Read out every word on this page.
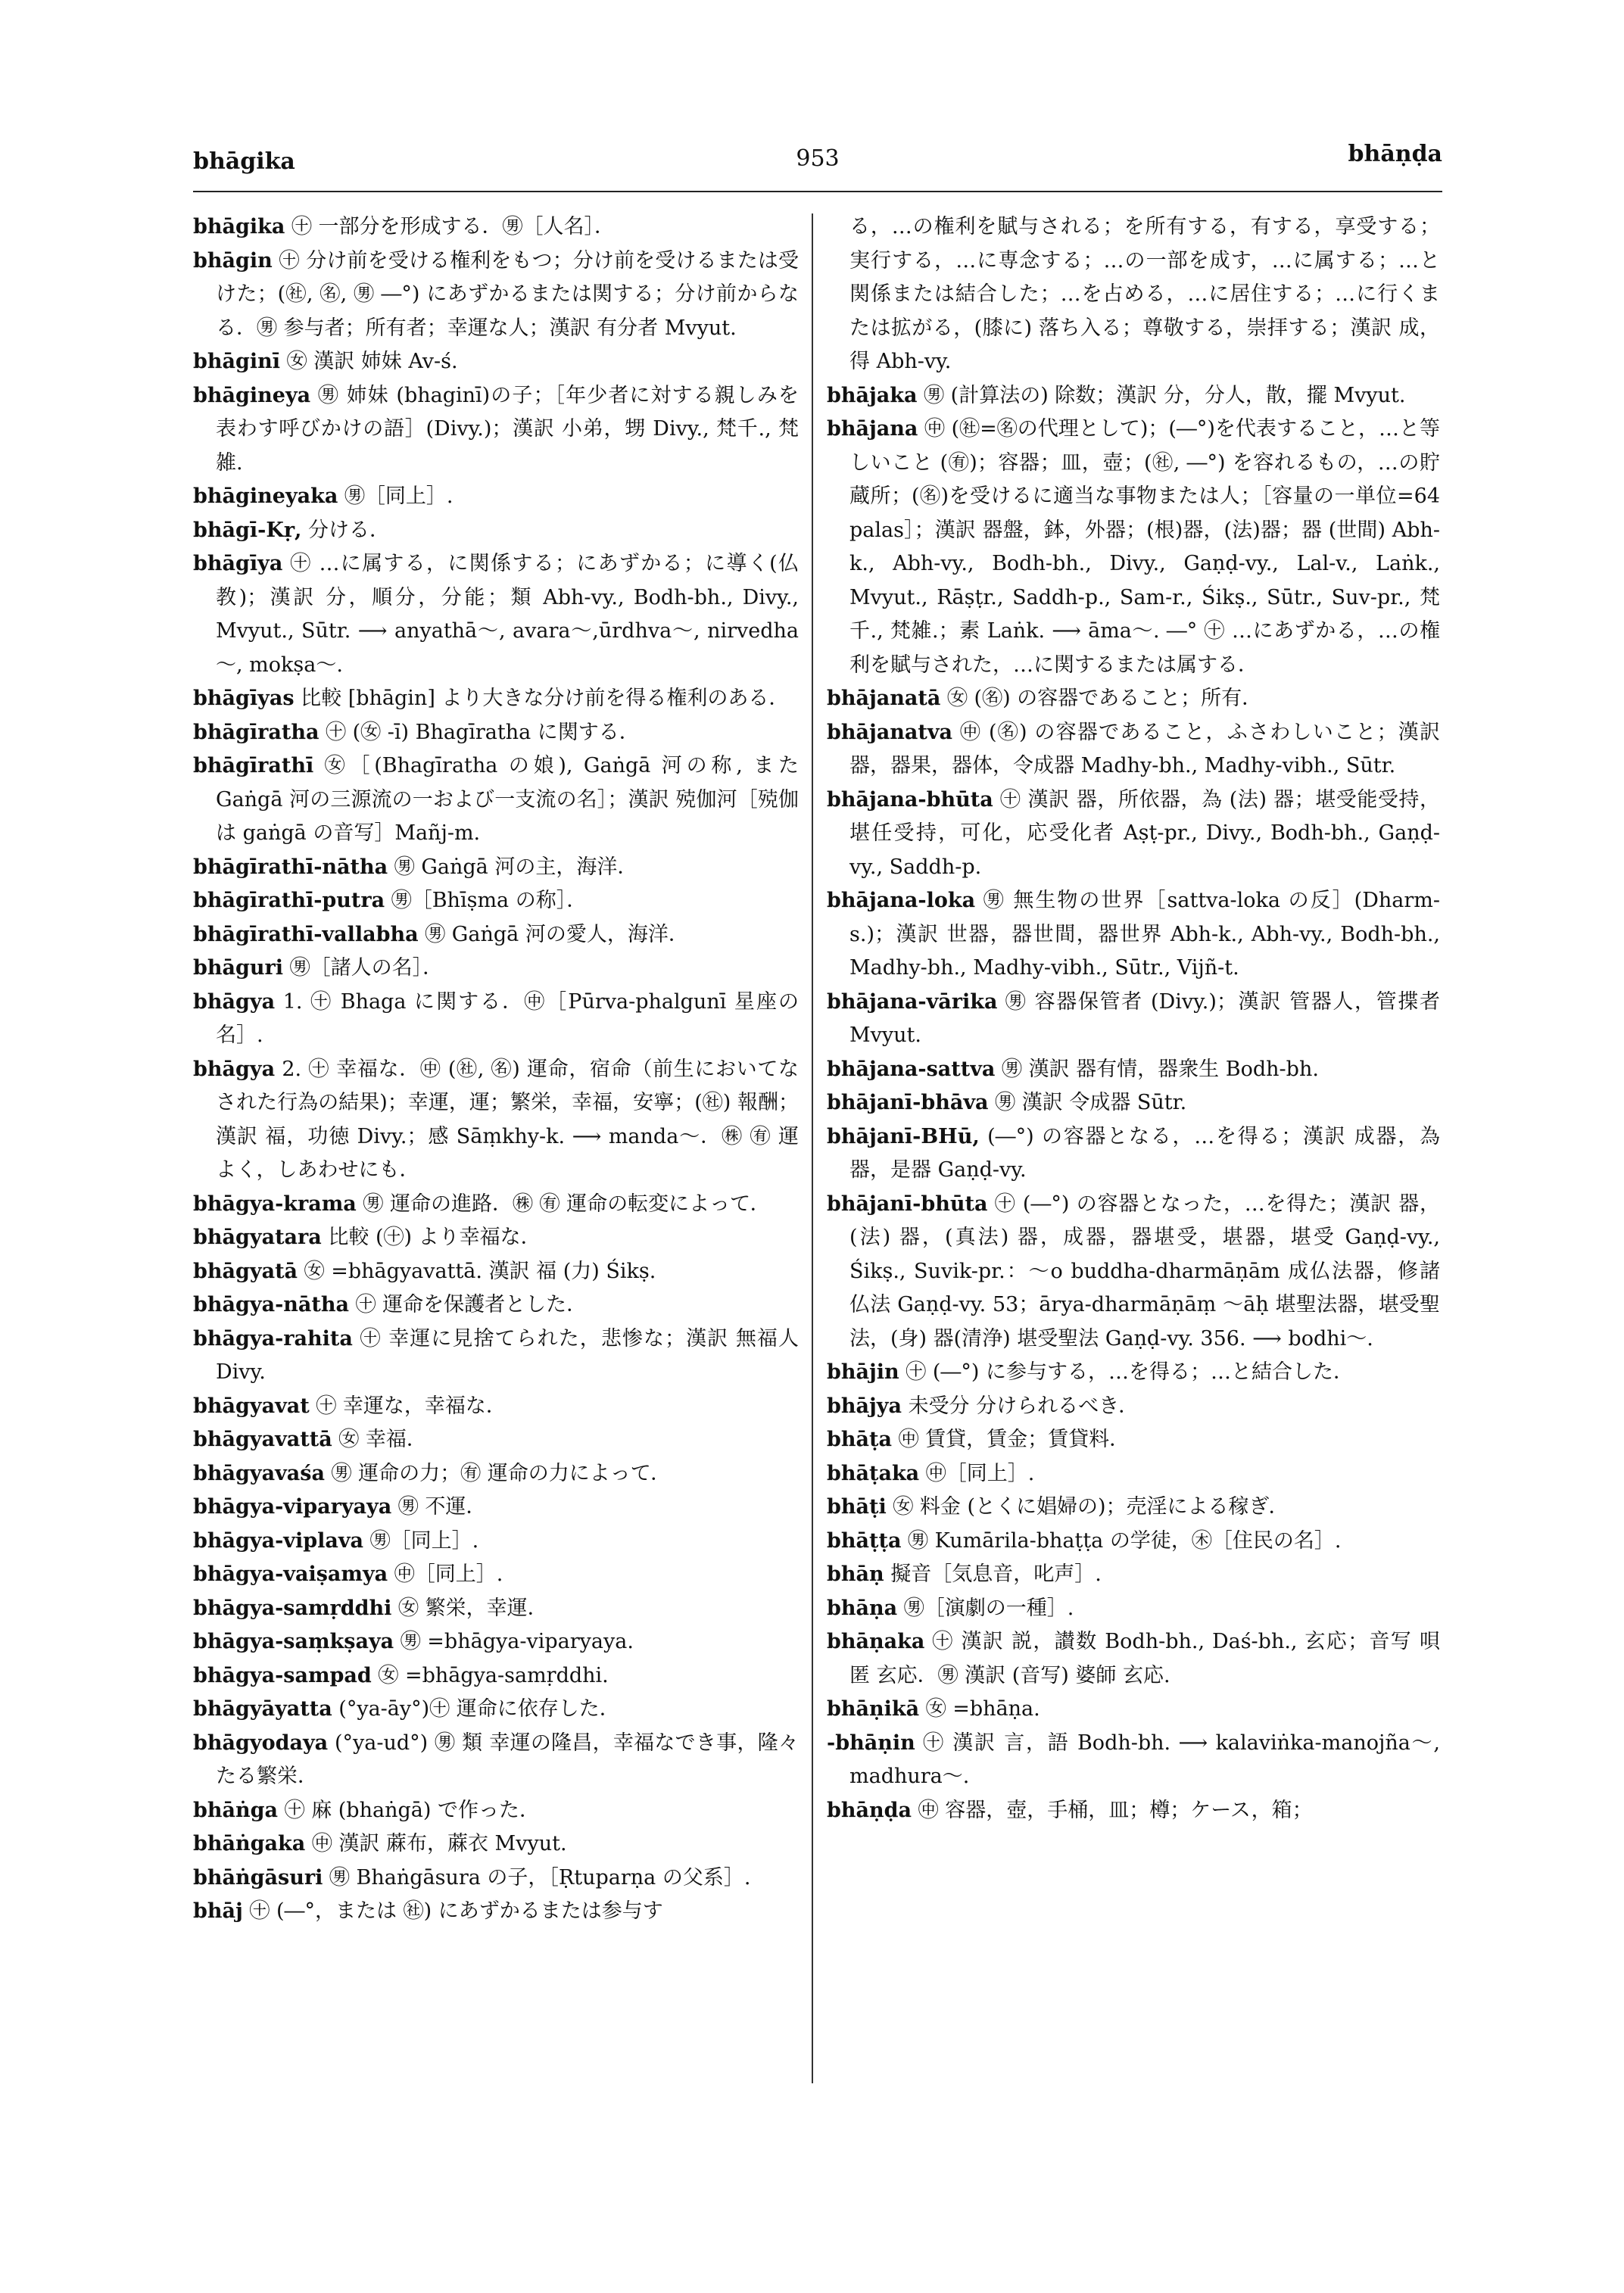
bhāgika	953	bhāṇḍa

bhāgika ㊉ 一部分を形成する．㊚［人名］．

bhāgin ㊉ 分け前を受ける権利をもつ；分け前を受けるまたは受けた；(㊓, ㊔, ㊚ ―°) にあずかるまたは関する；分け前からなる．㊚ 参与者；所有者；幸運な人；漢訳 有分者 Mvyut.

bhāginī ㊛ 漢訳 姉妹 Av-ś.

bhāgineya ㊚ 姉妹 (bhaginī)の子；［年少者に対する親しみを表わす呼びかけの語］(Divy.)；漢訳 小弟，甥 Divy., 梵千., 梵雑.

bhāgineyaka ㊚［同上］.

bhāgī-Kṛ, 分ける．

bhāgīya ㊉ …に属する，に関係する；にあずかる；に導く(仏教)；漢訳 分，順分，分能；類 Abh-vy., Bodh-bh., Divy., Mvyut., Sūtr. ⟶ anyathā～, avara～,ūrdhva～, nirvedha～, mokṣa～.

bhāgīyas 比較 [bhāgin] より大きな分け前を得る権利のある．

bhāgīratha ㊉ (㊛ -ī) Bhagīratha に関する．

bhāgīrathī ㊛［(Bhagīratha の娘), Gaṅgā 河の称, また Gaṅgā 河の三源流の一および一支流の名］；漢訳 殑伽河［殑伽は gaṅgā の音写］Mañj-m.

bhāgīrathī-nātha ㊚ Gaṅgā 河の主，海洋．

bhāgīrathī-putra ㊚［Bhīṣma の称］．

bhāgīrathī-vallabha ㊚ Gaṅgā 河の愛人，海洋．

bhāguri ㊚［諸人の名］．

bhāgya 1. ㊉ Bhaga に関する．㊥［Pūrva-phalgunī 星座の名］.

bhāgya 2. ㊉ 幸福な．㊥ (㊓, ㊔) 運命，宿命（前生においてなされた行為の結果)；幸運，運；繁栄，幸福，安寧；(㊓) 報酬；漢訳 福，功徳 Divy.；感 Sāṃkhy-k. ⟶ manda～．㊑ ㊒ 運よく，しあわせにも．

bhāgya-krama ㊚ 運命の進路．㊑ ㊒ 運命の転変によって．

bhāgyatara 比較 (㊉) より幸福な．

bhāgyatā ㊛ =bhāgyavattā. 漢訳 福 (力) Śikṣ.

bhāgya-nātha ㊉ 運命を保護者とした．

bhāgya-rahita ㊉ 幸運に見捨てられた，悲惨な；漢訳 無福人 Divy.

bhāgyavat ㊉ 幸運な，幸福な．

bhāgyavattā ㊛ 幸福．

bhāgyavaśa ㊚ 運命の力；㊒ 運命の力によって．

bhāgya-viparyaya ㊚ 不運．

bhāgya-viplava ㊚［同上］.

bhāgya-vaiṣamya ㊥［同上］.

bhāgya-samṛddhi ㊛ 繁栄，幸運．

bhāgya-saṃkṣaya ㊚ =bhāgya-viparyaya.

bhāgya-sampad ㊛ =bhāgya-samṛddhi.

bhāgyāyatta (°ya-āy°)㊉ 運命に依存した．

bhāgyodaya (°ya-ud°) ㊚ 類 幸運の隆昌，幸福なでき事，隆々たる繁栄．

bhāṅga ㊉ 麻 (bhaṅgā) で作った．

bhāṅgaka ㊥ 漢訳 蔴布，蔴衣 Mvyut.

bhāṅgāsuri ㊚ Bhaṅgāsura の子，［Ṛtuparṇa の父系］.

bhāj ㊉ (―°，または ㊓) にあずかるまたは参与す

る，…の権利を賦与される；を所有する，有する，享受する；実行する，…に専念する；…の一部を成す，…に属する；…と関係または結合した；…を占める，…に居住する；…に行くまたは拡がる，(膝に) 落ち入る；尊敬する，崇拝する；漢訳 成，得 Abh-vy.

bhājaka ㊚ (計算法の) 除数；漢訳 分，分人，散，擺 Mvyut.

bhājana ㊥ (㊓=㊔の代理として)；(―°)を代表すること，…と等しいこと (㊒)；容器；皿，壺；(㊓, ―°) を容れるもの，…の貯蔵所；(㊔)を受けるに適当な事物または人；［容量の一単位=64 palas］；漢訳 器盤，鉢，外器；(根)器，(法)器；器 (世間) Abh-k., Abh-vy., Bodh-bh., Divy., Gaṇḍ-vy., Lal-v., Laṅk., Mvyut., Rāṣṭr., Saddh-p., Sam-r., Śikṣ., Sūtr., Suv-pr., 梵千., 梵雑.；素 Laṅk. ⟶ āma～. ―° ㊉ …にあずかる，…の権利を賦与された，…に関するまたは属する．

bhājanatā ㊛ (㊔) の容器であること；所有．

bhājanatva ㊥ (㊔) の容器であること，ふさわしいこと；漢訳 器，器果，器体，令成器 Madhy-bh., Madhy-vibh., Sūtr.

bhājana-bhūta ㊉ 漢訳 器，所依器，為 (法) 器；堪受能受持，堪任受持，可化，応受化者 Aṣṭ-pr., Divy., Bodh-bh., Gaṇḍ-vy., Saddh-p.

bhājana-loka ㊚ 無生物の世界［sattva-loka の反］(Dharm-s.)；漢訳 世器，器世間，器世界 Abh-k., Abh-vy., Bodh-bh., Madhy-bh., Madhy-vibh., Sūtr., Vijñ-t.

bhājana-vārika ㊚ 容器保管者 (Divy.)；漢訳 管器人，管揲者 Mvyut.

bhājana-sattva ㊚ 漢訳 器有情，器衆生 Bodh-bh.

bhājanī-bhāva ㊚ 漢訳 令成器 Sūtr.

bhājanī-BHū, (―°) の容器となる，…を得る；漢訳 成器，為器，是器 Gaṇḍ-vy.

bhājanī-bhūta ㊉ (―°) の容器となった，…を得た；漢訳 器，(法) 器，(真法) 器，成器，器堪受，堪器，堪受 Gaṇḍ-vy., Śikṣ., Suvik-pr.：～o buddha-dharmāṇām 成仏法器，修諸仏法 Gaṇḍ-vy. 53；ārya-dharmāṇāṃ ～āḥ 堪聖法器，堪受聖法，(身) 器(清浄) 堪受聖法 Gaṇḍ-vy. 356. ⟶ bodhi～.

bhājin ㊉ (―°) に参与する，…を得る；…と結合した．

bhājya 未受分 分けられるべき．

bhāṭa ㊥ 賃貸，賃金；賃貸料．

bhāṭaka ㊥［同上］.

bhāṭi ㊛ 料金 (とくに娼婦の)；売淫による稼ぎ．

bhāṭṭa ㊚ Kumārila-bhaṭṭa の学徒，㊍［住民の名］.

bhāṇ 擬音［気息音，叱声］.

bhāṇa ㊚［演劇の一種］.

bhāṇaka ㊉ 漢訳 説，讃数 Bodh-bh., Daś-bh., 玄応；音写 唄匿 玄応．㊚ 漢訳 (音写) 婆師 玄応.

bhāṇikā ㊛ =bhāṇa.

-bhāṇin ㊉ 漢訳 言，語 Bodh-bh. ⟶ kalaviṅka-manojña～, madhura～.

bhāṇḍa ㊥ 容器，壺，手桶，皿；樽；ケース，箱；
